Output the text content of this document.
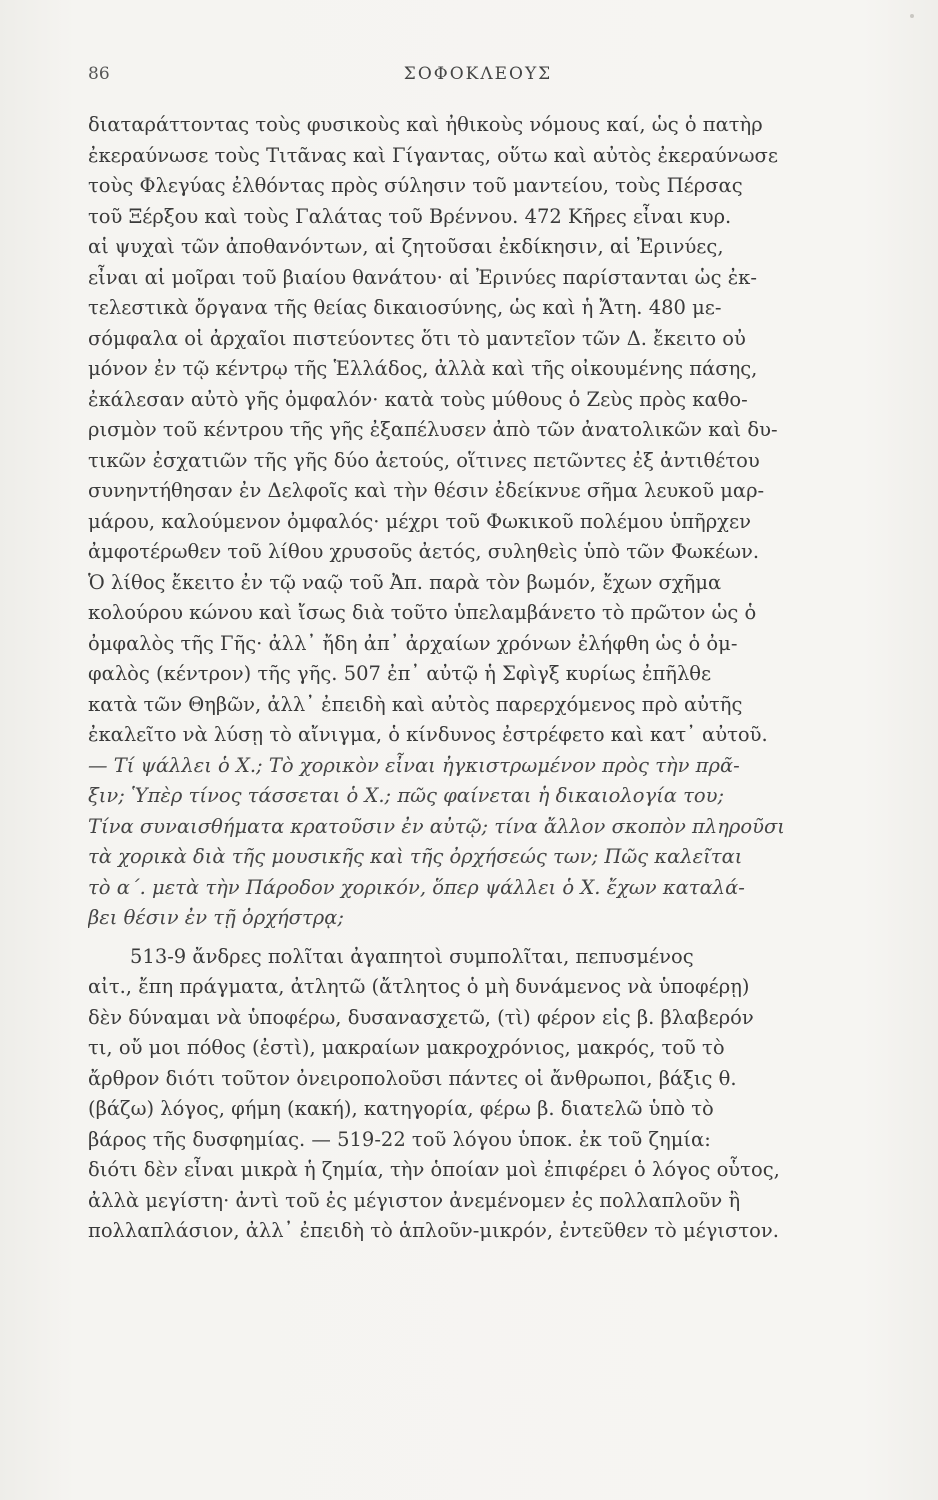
86	ΣΟΦΟΚΛΕΟΥΣ
διαταράττοντας τοὺς φυσικοὺς καὶ ἠθικοὺς νόμους καί, ὡς ὁ πατὴρ
ἐκεραύνωσε τοὺς Τιτᾶνας καὶ Γίγαντας, οὕτω καὶ αὐτὸς ἐκεραύνωσε
τοὺς Φλεγύας ἐλθόντας πρὸς σύλησιν τοῦ μαντείου, τοὺς Πέρσας
τοῦ Ξέρξου καὶ τοὺς Γαλάτας τοῦ Βρέννου. 472 Κῆρες εἶναι κυρ.
αἱ ψυχαὶ τῶν ἀποθανόντων, αἱ ζητοῦσαι ἐκδίκησιν, αἱ Ἐρινύες,
εἶναι αἱ μοῖραι τοῦ βιαίου θανάτου· αἱ Ἐρινύες παρίστανται ὡς ἐκ-
τελεστικὰ ὄργανα τῆς θείας δικαιοσύνης, ὡς καὶ ἡ Ἄτη. 480 με-
σόμφαλα οἱ ἀρχαῖοι πιστεύοντες ὅτι τὸ μαντεῖον τῶν Δ. ἔκειτο οὐ
μόνον ἐν τῷ κέντρῳ τῆς Ἑλλάδος, ἀλλὰ καὶ τῆς οἰκουμένης πάσης,
ἐκάλεσαν αὐτὸ γῆς ὀμφαλόν· κατὰ τοὺς μύθους ὁ Ζεὺς πρὸς καθο-
ρισμὸν τοῦ κέντρου τῆς γῆς ἐξαπέλυσεν ἀπὸ τῶν ἀνατολικῶν καὶ δυ-
τικῶν ἐσχατιῶν τῆς γῆς δύο ἀετούς, οἵτινες πετῶντες ἐξ ἀντιθέτου
συνηντήθησαν ἐν Δελφοῖς καὶ τὴν θέσιν ἐδείκνυε σῆμα λευκοῦ μαρ-
μάρου, καλούμενον ὀμφαλός· μέχρι τοῦ Φωκικοῦ πολέμου ὑπῆρχεν
ἀμφοτέρωθεν τοῦ λίθου χρυσοῦς ἀετός, συληθεὶς ὑπὸ τῶν Φωκέων.
Ὁ λίθος ἔκειτο ἐν τῷ ναῷ τοῦ Ἀπ. παρὰ τὸν βωμόν, ἔχων σχῆμα
κολούρου κώνου καὶ ἴσως διὰ τοῦτο ὑπελαμβάνετο τὸ πρῶτον ὡς ὁ
ὀμφαλὸς τῆς Γῆς· ἀλλ᾽ ἤδη ἀπ᾽ ἀρχαίων χρόνων ἐλήφθη ὡς ὁ ὀμ-
φαλὸς (κέντρον) τῆς γῆς. 507 ἐπ᾽ αὐτῷ ἡ Σφὶγξ κυρίως ἐπῆλθε
κατὰ τῶν Θηβῶν, ἀλλ᾽ ἐπειδὴ καὶ αὐτὸς παρερχόμενος πρὸ αὐτῆς
ἐκαλεῖτο νὰ λύσῃ τὸ αἴνιγμα, ὁ κίνδυνος ἐστρέφετο καὶ κατ᾽ αὐτοῦ.
— Τί ψάλλει ὁ Χ.; Τὸ χορικὸν εἶναι ἠγκιστρωμένον πρὸς τὴν πρᾶ-
ξιν; Ὑπὲρ τίνος τάσσεται ὁ Χ.; πῶς φαίνεται ἡ δικαιολογία του;
Τίνα συναισθήματα κρατοῦσιν ἐν αὐτῷ; τίνα ἄλλον σκοπὸν πληροῦσι
τὰ χορικὰ διὰ τῆς μουσικῆς καὶ τῆς ὀρχήσεώς των; Πῶς καλεῖται
τὸ α΄. μετὰ τὴν Πάροδον χορικόν, ὅπερ ψάλλει ὁ Χ. ἔχων καταλά-
βει θέσιν ἐν τῇ ὀρχήστρᾳ;
513-9 ἄνδρες πολῖται ἀγαπητοὶ συμπολῖται, πεπυσμένος
αἰτ., ἔπη πράγματα, ἀτλητῶ (ἄτλητος ὁ μὴ δυνάμενος νὰ ὑποφέρῃ)
δὲν δύναμαι νὰ ὑποφέρω, δυσανασχετῶ, (τὶ) φέρον εἰς β. βλαβερόν
τι, οὔ μοι πόθος (ἐστὶ), μακραίων μακροχρόνιος, μακρός, τοῦ τὸ
ἄρθρον διότι τοῦτον ὀνειροπολοῦσι πάντες οἱ ἄνθρωποι, βάξις θ.
(βάζω) λόγος, φήμη (κακή), κατηγορία, φέρω β. διατελῶ ὑπὸ τὸ
βάρος τῆς δυσφημίας. — 519-22 τοῦ λόγου ὑποκ. ἐκ τοῦ ζημία:
διότι δὲν εἶναι μικρὰ ἡ ζημία, τὴν ὁποίαν μοὶ ἐπιφέρει ὁ λόγος οὗτος,
ἀλλὰ μεγίστη· ἀντὶ τοῦ ἐς μέγιστον ἀνεμένομεν ἐς πολλαπλοῦν ἢ
πολλαπλάσιον, ἀλλ᾽ ἐπειδὴ τὸ ἁπλοῦν-μικρόν, ἐντεῦθεν τὸ μέγιστον.
